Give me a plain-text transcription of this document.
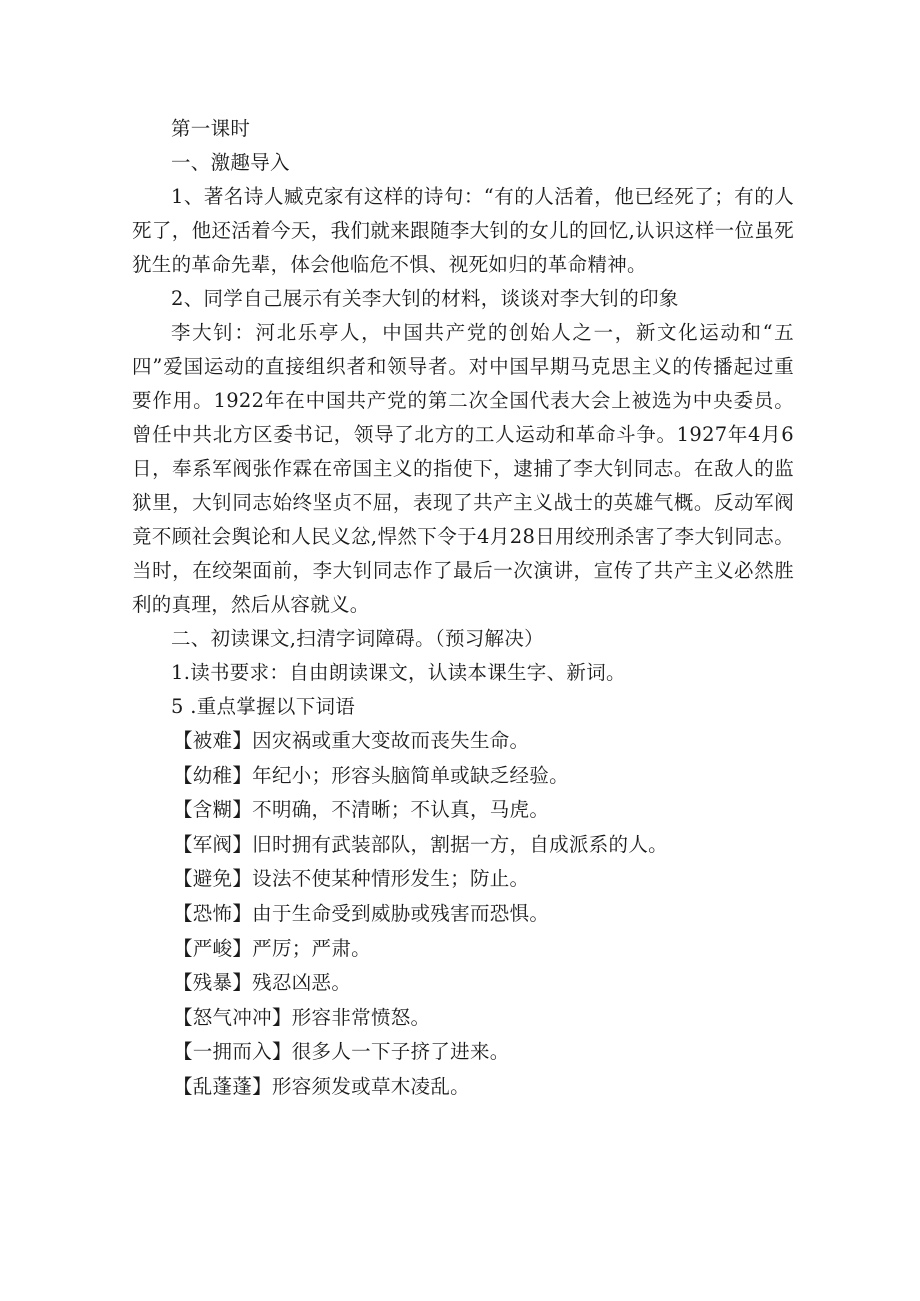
第一课时

一、激趣导入

1、著名诗人臧克家有这样的诗句：“有的人活着，他已经死了；有的人死了，他还活着今天，我们就来跟随李大钊的女儿的回忆,认识这样一位虽死犹生的革命先辈，体会他临危不惧、视死如归的革命精神。

2、同学自己展示有关李大钊的材料，谈谈对李大钊的印象

李大钊：河北乐亭人，中国共产党的创始人之一，新文化运动和“五四”爱国运动的直接组织者和领导者。对中国早期马克思主义的传播起过重要作用。1922年在中国共产党的第二次全国代表大会上被选为中央委员。曾任中共北方区委书记，领导了北方的工人运动和革命斗争。1927年4月6日，奉系军阀张作霖在帝国主义的指使下，逮捕了李大钊同志。在敌人的监狱里，大钊同志始终坚贞不屈，表现了共产主义战士的英雄气概。反动军阀竟不顾社会舆论和人民义忿,悍然下令于4月28日用绞刑杀害了李大钊同志。当时，在绞架面前，李大钊同志作了最后一次演讲，宣传了共产主义必然胜利的真理，然后从容就义。

二、初读课文,扫清字词障碍。（预习解决）

1.读书要求：自由朗读课文，认读本课生字、新词。

5 .重点掌握以下词语

【被难】因灾祸或重大变故而丧失生命。
【幼稚】年纪小；形容头脑简单或缺乏经验。
【含糊】不明确，不清晰；不认真，马虎。
【军阀】旧时拥有武装部队，割据一方，自成派系的人。
【避免】设法不使某种情形发生；防止。
【恐怖】由于生命受到威胁或残害而恐惧。
【严峻】严厉；严肃。
【残暴】残忍凶恶。
【怒气冲冲】形容非常愤怒。
【一拥而入】很多人一下子挤了进来。
【乱蓬蓬】形容须发或草木凌乱。
